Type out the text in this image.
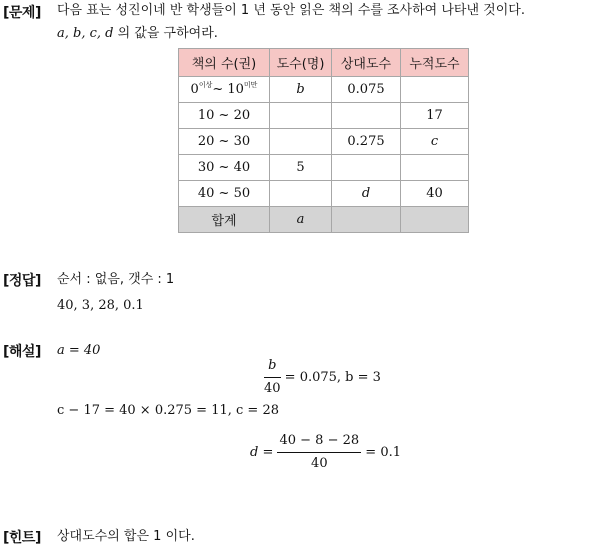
[문제] 다음 표는 성진이네 반 학생들이 1 년 동안 읽은 책의 수를 조사하여 나타낸 것이다.
a, b, c, d 의 값을 구하여라.
책의 수(권)	도수(명)	상대도수	누적도수
$0^{이상}\sim$ $10^{미만}$	b	0.075	
10 ~ 20			17
20 ~ 30		0.275	c
30 ~ 40	5		
40 ~ 50		d	40
합계	a		
[정답] 순서 : 없음, 갯수 : 1
40, 3, 28, 0.1
[해설] a = 40
$\frac{b}{40} = 0.075$, b = 3
c − 17 = 40 × 0.275 = 11, c = 28
$d = \frac{40 - 8 - 28}{40} = 0.1$
[힌트] 상대도수의 합은 1 이다.
